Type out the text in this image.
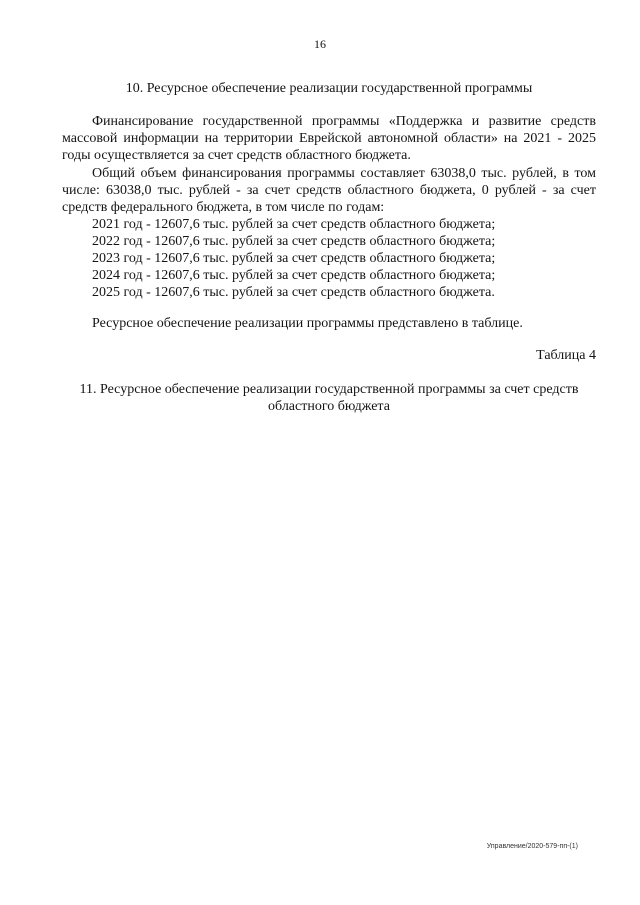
16
10. Ресурсное обеспечение реализации государственной программы
Финансирование государственной программы «Поддержка и развитие средств массовой информации на территории Еврейской автономной области» на 2021 - 2025 годы осуществляется за счет средств областного бюджета.
Общий объем финансирования программы составляет 63038,0 тыс. рублей, в том числе: 63038,0 тыс. рублей - за счет средств областного бюджета, 0 рублей - за счет средств федерального бюджета, в том числе по годам:
2021 год - 12607,6 тыс. рублей за счет средств областного бюджета;
2022 год - 12607,6 тыс. рублей за счет средств областного бюджета;
2023 год - 12607,6 тыс. рублей за счет средств областного бюджета;
2024 год - 12607,6 тыс. рублей за счет средств областного бюджета;
2025 год - 12607,6 тыс. рублей за счет средств областного бюджета.
Ресурсное обеспечение реализации программы представлено в таблице.
Таблица 4
11. Ресурсное обеспечение реализации государственной программы за счет средств
областного бюджета
Управление/2020-579-пп-(1)
